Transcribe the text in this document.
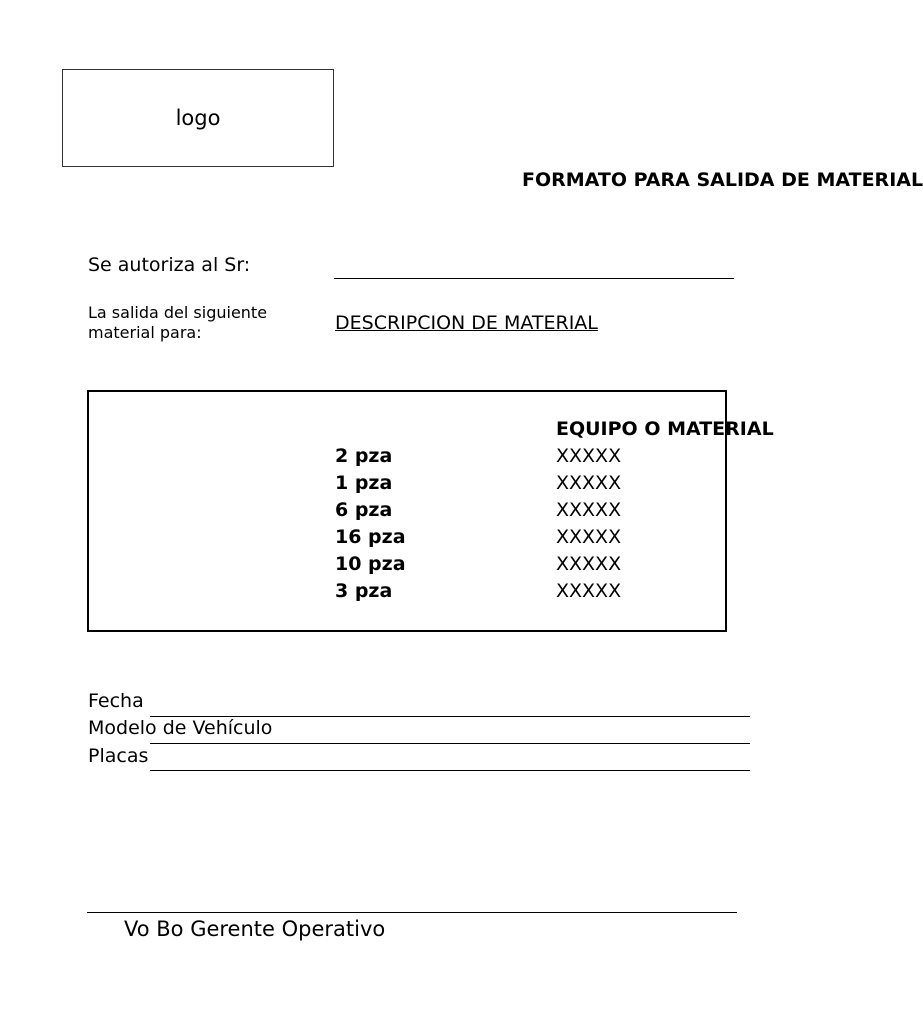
logo
FORMATO PARA SALIDA DE MATERIAL
Se autoriza al Sr:
La salida del siguiente material para:	DESCRIPCION DE MATERIAL
EQUIPO O MATERIAL
2 pza
1 pza
6 pza
16 pza
10 pza
3 pza
XXXXX
XXXXX
XXXXX
XXXXX
XXXXX
XXXXX
Fecha
Modelo de Vehículo
Placas
Vo Bo Gerente Operativo
